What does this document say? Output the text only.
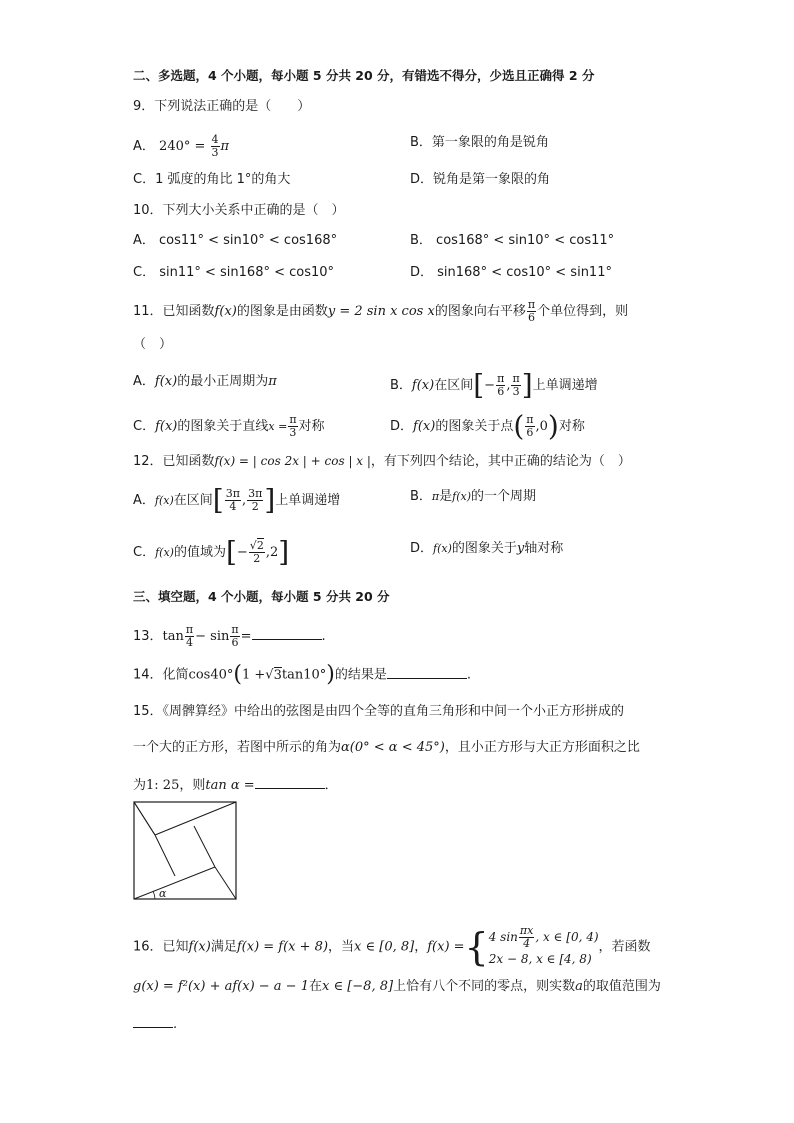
二、多选题，4 个小题，每小题 5 分共 20 分，有错选不得分，少选且正确得 2 分
9．下列说法正确的是（　　）
A． $240^\circ = \frac{4}{3}$ π	B．第一象限的角是锐角
C．1 弧度的角比 1°的角大	D．锐角是第一象限的角
10．下列大小关系中正确的是（　）
A． cos11° < sin10° < cos168°	B． cos168° < sin10° < cos11°
C． sin11° < sin168° < cos10°	D． sin168° < cos10° < sin11°
11．已知函数f(x)的图象是由函数y = 2 sin x cos x的图象向右平移 $\frac{\pi}{6}$ 个单位得到，则
（　）
A．f(x)的最小正周期为π	B．f(x)在区间[− $\frac{\pi}{6}$ , $\frac{\pi}{3}$ ]上单调递增
C．f(x)的图象关于直线$x = \frac{\pi}{3}$ 对称	D．f(x)的图象关于点( $\frac{\pi}{6} ,0$)对称
12．已知函数f(x) = | cos 2x | + cos | x |，有下列四个结论，其中正确的结论为（　）
A．f(x)在区间[ $\frac{3\pi}{4}$ , $\frac{3\pi}{2}$ ]上单调递增	B．π是f(x)的一个周期
C．f(x)的值域为[− $\frac{√2}{2} ,2$]	D．f(x)的图象关于y轴对称
三、填空题，4 个小题，每小题 5 分共 20 分
13．$\tan \frac{\pi}{4} - \sin \frac{\pi}{6}$ =	.
14．化简cos40°(1 +√3tan10°)的结果是	.
15．《周髀算经》中给出的弦图是由四个全等的直角三角形和中间一个小正方形拼成的
一个大的正方形，若图中所示的角为α(0° < α < 45°)，且小正方形与大正方形面积之比
为1: 25，则tan α =	．
α
16．已知f(x)满足f(x) = f(x + 8)，当x ∈ [0, 8]，f(x) ={ 4 $\sin \frac{\pi x}{4}$ , x ∈ [0, 4)
2x − 8, x ∈ [4, 8)
，若函数
g(x) = f²(x) + af(x) − a − 1在x ∈ [−8, 8]上恰有八个不同的零点，则实数a的取值范围为
.
